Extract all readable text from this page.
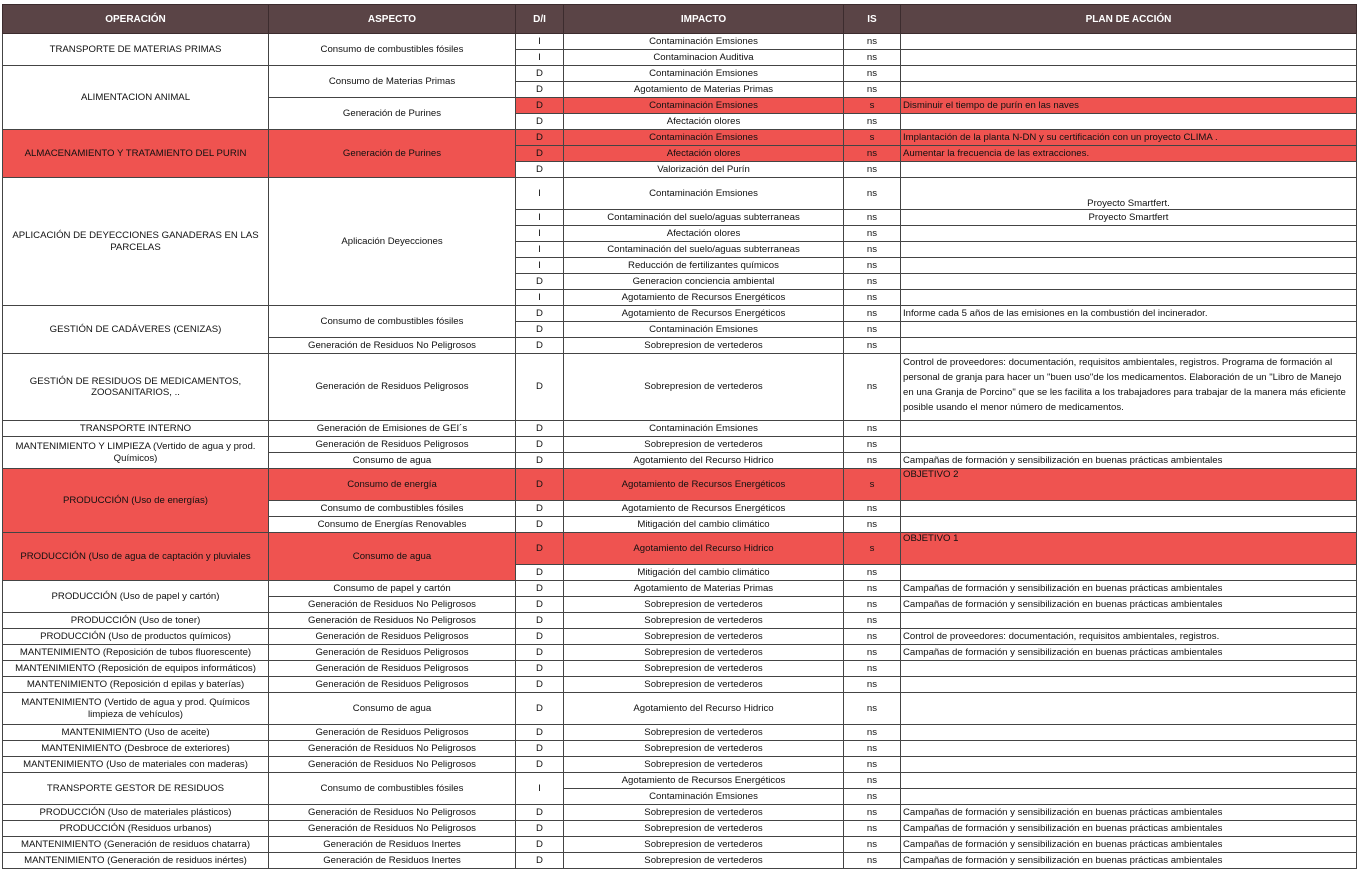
OPERACIÓN	ASPECTO	D/I	IMPACTO	IS	PLAN DE ACCIÓN
TRANSPORTE DE MATERIAS PRIMAS	Consumo de combustibles fósiles	I	Contaminación Emsiones	ns	
		I	Contaminacion Auditiva	ns	
ALIMENTACION ANIMAL	Consumo de Materias Primas	D	Contaminación Emsiones	ns	
		D	Agotamiento de Materias Primas	ns	
	Generación de Purines	D	Contaminación Emsiones	s	Disminuir el tiempo de purín en las naves
		D	Afectación olores	ns	
ALMACENAMIENTO Y TRATAMIENTO DEL PURIN	Generación de Purines	D	Contaminación Emsiones	s	Implantación de la planta N-DN y su certificación con un proyecto CLIMA .
		D	Afectación olores	ns	Aumentar la frecuencia de las extracciones.
		D	Valorización del Purín	ns	
APLICACIÓN DE DEYECCIONES GANADERAS EN LAS PARCELAS	Aplicación Deyecciones	I	Contaminación Emsiones	ns	Proyecto Smartfert.
		I	Contaminación del suelo/aguas subterraneas	ns	Proyecto Smartfert
		I	Afectación olores	ns	
		I	Contaminación del suelo/aguas subterraneas	ns	
		I	Reducción de fertilizantes químicos	ns	
		D	Generacion conciencia ambiental	ns	
		I	Agotamiento de Recursos Energéticos	ns	
GESTIÓN DE CADÁVERES (CENIZAS)	Consumo de combustibles fósiles	D	Agotamiento de Recursos Energéticos	ns	Informe cada 5 años de las emisiones en la combustión del incinerador.
		D	Contaminación Emsiones	ns	
	Generación de Residuos No Peligrosos	D	Sobrepresion de vertederos	ns	
GESTIÓN DE RESIDUOS DE MEDICAMENTOS, ZOOSANITARIOS, ..	Generación de Residuos Peligrosos	D	Sobrepresion de vertederos	ns	Control de proveedores: documentación, requisitos ambientales, registros. Programa de formación al personal de granja para hacer un "buen uso"de los medicamentos. Elaboración de un "Libro de Manejo en una Granja de Porcino" que se les facilita a los trabajadores para trabajar de la manera más eficiente posible usando el menor número de medicamentos.
TRANSPORTE INTERNO	Generación de Emisiones de GEI´s	D	Contaminación Emsiones	ns	
MANTENIMIENTO Y LIMPIEZA (Vertido de agua y prod. Químicos)	Generación de Residuos Peligrosos	D	Sobrepresion de vertederos	ns	
	Consumo de agua	D	Agotamiento del Recurso Hidrico	ns	Campañas de formación y sensibilización en buenas prácticas ambientales
PRODUCCIÓN (Uso de energías)	Consumo de energía	D	Agotamiento de Recursos Energéticos	s	OBJETIVO 2
	Consumo de combustibles fósiles	D	Agotamiento de Recursos Energéticos	ns	
	Consumo de Energías Renovables	D	Mitigación del cambio climático	ns	
PRODUCCIÓN (Uso de agua de captación y pluviales	Consumo de agua	D	Agotamiento del Recurso Hidrico	s	OBJETIVO 1
		D	Mitigación del cambio climático	ns	
PRODUCCIÓN (Uso de papel y cartón)	Consumo de papel y cartón	D	Agotamiento de Materias Primas	ns	Campañas de formación y sensibilización en buenas prácticas ambientales
	Generación de Residuos No Peligrosos	D	Sobrepresion de vertederos	ns	Campañas de formación y sensibilización en buenas prácticas ambientales
PRODUCCIÓN (Uso de toner)	Generación de Residuos No Peligrosos	D	Sobrepresion de vertederos	ns	
PRODUCCIÓN (Uso de productos químicos)	Generación de Residuos Peligrosos	D	Sobrepresion de vertederos	ns	Control de proveedores: documentación, requisitos ambientales, registros.
MANTENIMIENTO (Reposición de tubos fluorescente)	Generación de Residuos Peligrosos	D	Sobrepresion de vertederos	ns	Campañas de formación y sensibilización en buenas prácticas ambientales
MANTENIMIENTO (Reposición de equipos informáticos)	Generación de Residuos Peligrosos	D	Sobrepresion de vertederos	ns	
MANTENIMIENTO (Reposición d epilas y baterías)	Generación de Residuos Peligrosos	D	Sobrepresion de vertederos	ns	
MANTENIMIENTO (Vertido de agua y prod. Químicos limpieza de vehículos)	Consumo de agua	D	Agotamiento del Recurso Hidrico	ns	
MANTENIMIENTO (Uso de aceite)	Generación de Residuos Peligrosos	D	Sobrepresion de vertederos	ns	
MANTENIMIENTO (Desbroce de exteriores)	Generación de Residuos No Peligrosos	D	Sobrepresion de vertederos	ns	
MANTENIMIENTO (Uso de materiales con maderas)	Generación de Residuos No Peligrosos	D	Sobrepresion de vertederos	ns	
TRANSPORTE GESTOR DE RESIDUOS	Consumo de combustibles fósiles	I	Agotamiento de Recursos Energéticos	ns	
			Contaminación Emsiones	ns	
PRODUCCIÓN (Uso de materiales plásticos)	Generación de Residuos No Peligrosos	D	Sobrepresion de vertederos	ns	Campañas de formación y sensibilización en buenas prácticas ambientales
PRODUCCIÓN (Residuos urbanos)	Generación de Residuos No Peligrosos	D	Sobrepresion de vertederos	ns	Campañas de formación y sensibilización en buenas prácticas ambientales
MANTENIMIENTO (Generación de residuos chatarra)	Generación de Residuos Inertes	D	Sobrepresion de vertederos	ns	Campañas de formación y sensibilización en buenas prácticas ambientales
MANTENIMIENTO (Generación de residuos inértes)	Generación de Residuos Inertes	D	Sobrepresion de vertederos	ns	Campañas de formación y sensibilización en buenas prácticas ambientales
